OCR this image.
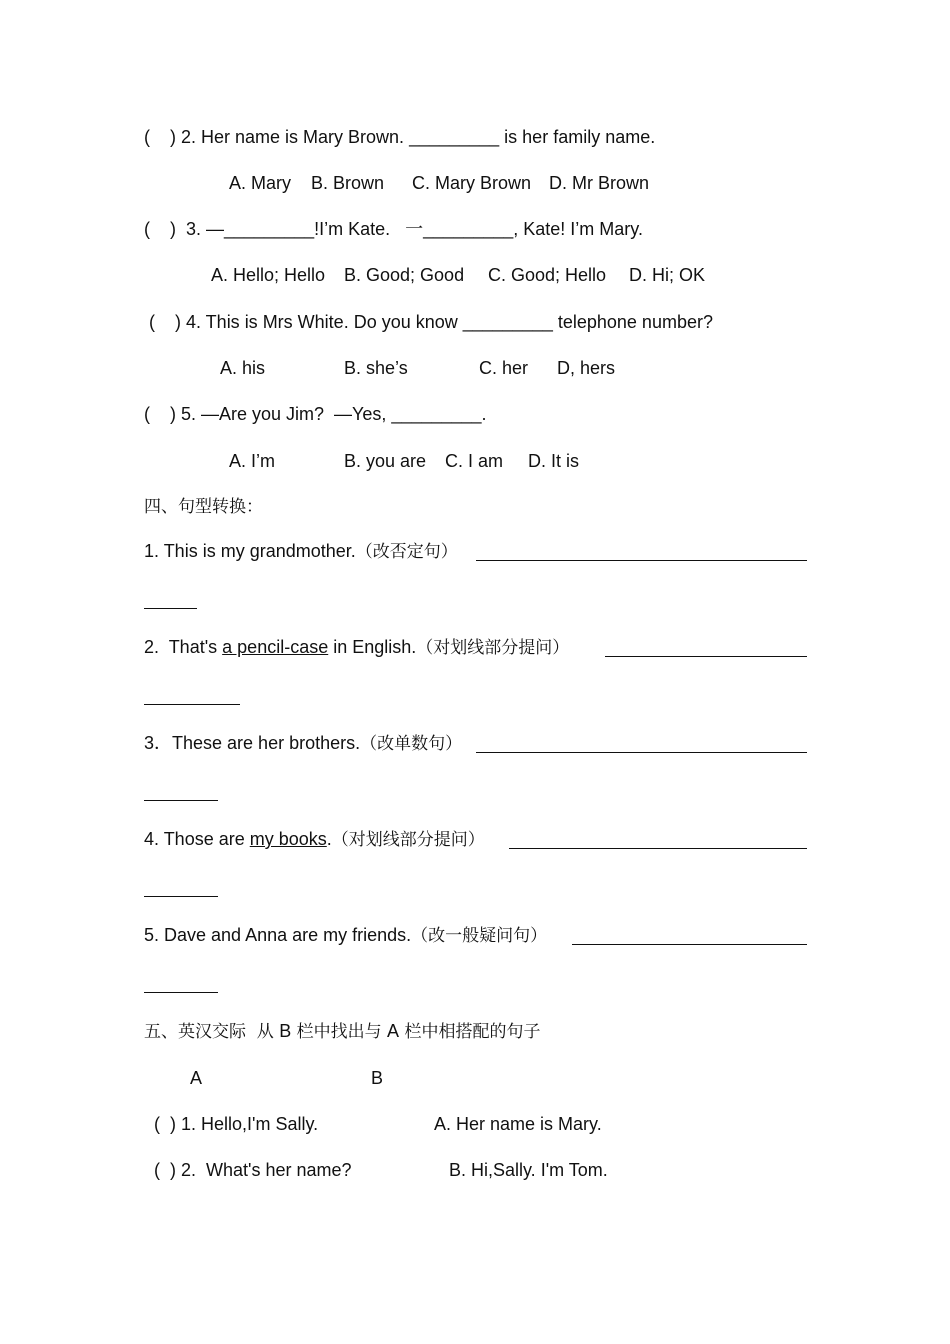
(    ) 2. Her name is Mary Brown. _________ is her family name.
A. Mary B. Brown C. Mary Brown D. Mr Brown
(    )  3. —_________!I’m Kate.   一_________, Kate! I’m Mary.
A. Hello; Hello B. Good; Good C. Good; Hello D. Hi; OK
(    ) 4. This is Mrs White. Do you know _________ telephone number?
A. his	B. she’s	C. her D, hers
(    ) 5. —Are you Jim?  —Yes, _________.
A. I’m	B. you are C. I am D. It is
四、句型转换：
1. This is my grandmother.（改否定句）
2.  That's a pencil-case in English.（对划线部分提问）
3．These are her brothers.（改单数句）
4. Those are my books.（对划线部分提问）
5. Dave and Anna are my friends.（改一般疑问句）
五、英汉交际  从 B 栏中找出与 A 栏中相搭配的句子
A	B
(  ) 1. Hello,I'm Sally.	A. Her name is Mary.
(  ) 2.  What's her name?	B. Hi,Sally. I'm Tom.
